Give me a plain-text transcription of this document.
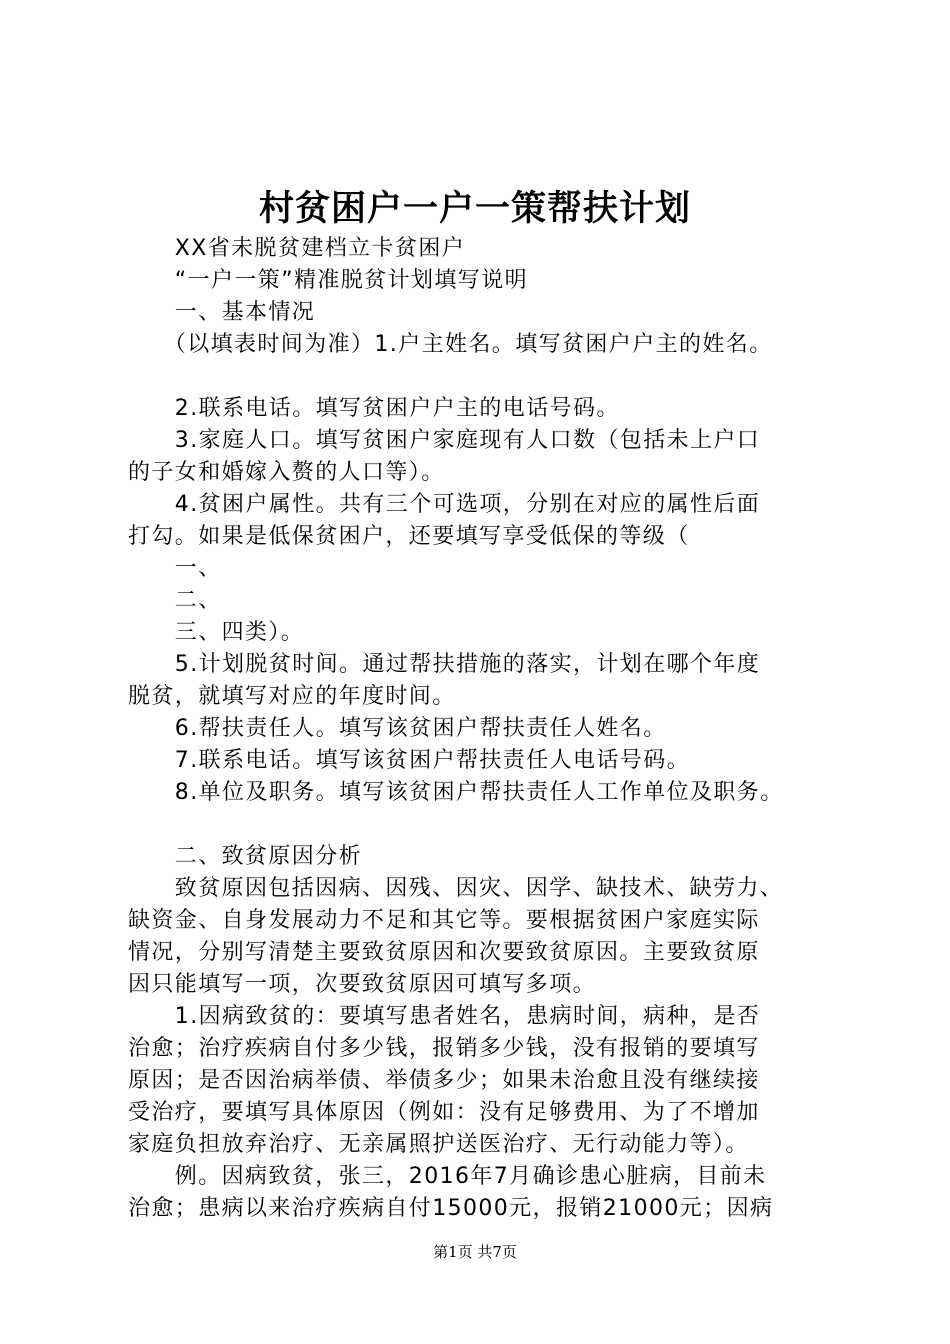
村贫困户一户一策帮扶计划
　　XX省未脱贫建档立卡贫困户
　　“一户一策”精准脱贫计划填写说明
　　一、基本情况
　　（以填表时间为准）1.户主姓名。填写贫困户户主的姓名。
　　2.联系电话。填写贫困户户主的电话号码。
　　3.家庭人口。填写贫困户家庭现有人口数（包括未上户口
的子女和婚嫁入赘的人口等）。
　　4.贫困户属性。共有三个可选项，分别在对应的属性后面
打勾。如果是低保贫困户，还要填写享受低保的等级（
　　一、
　　二、
　　三、四类）。
　　5.计划脱贫时间。通过帮扶措施的落实，计划在哪个年度
脱贫，就填写对应的年度时间。
　　6.帮扶责任人。填写该贫困户帮扶责任人姓名。
　　7.联系电话。填写该贫困户帮扶责任人电话号码。
　　8.单位及职务。填写该贫困户帮扶责任人工作单位及职务。
　　二、致贫原因分析
　　致贫原因包括因病、因残、因灾、因学、缺技术、缺劳力、
缺资金、自身发展动力不足和其它等。要根据贫困户家庭实际
情况，分别写清楚主要致贫原因和次要致贫原因。主要致贫原
因只能填写一项，次要致贫原因可填写多项。
　　1.因病致贫的：要填写患者姓名，患病时间，病种，是否
治愈；治疗疾病自付多少钱，报销多少钱，没有报销的要填写
原因；是否因治病举债、举债多少；如果未治愈且没有继续接
受治疗，要填写具体原因（例如：没有足够费用、为了不增加
家庭负担放弃治疗、无亲属照护送医治疗、无行动能力等）。
　　例。因病致贫，张三，2016年7月确诊患心脏病，目前未
治愈；患病以来治疗疾病自付15000元，报销21000元；因病
第1页 共7页
